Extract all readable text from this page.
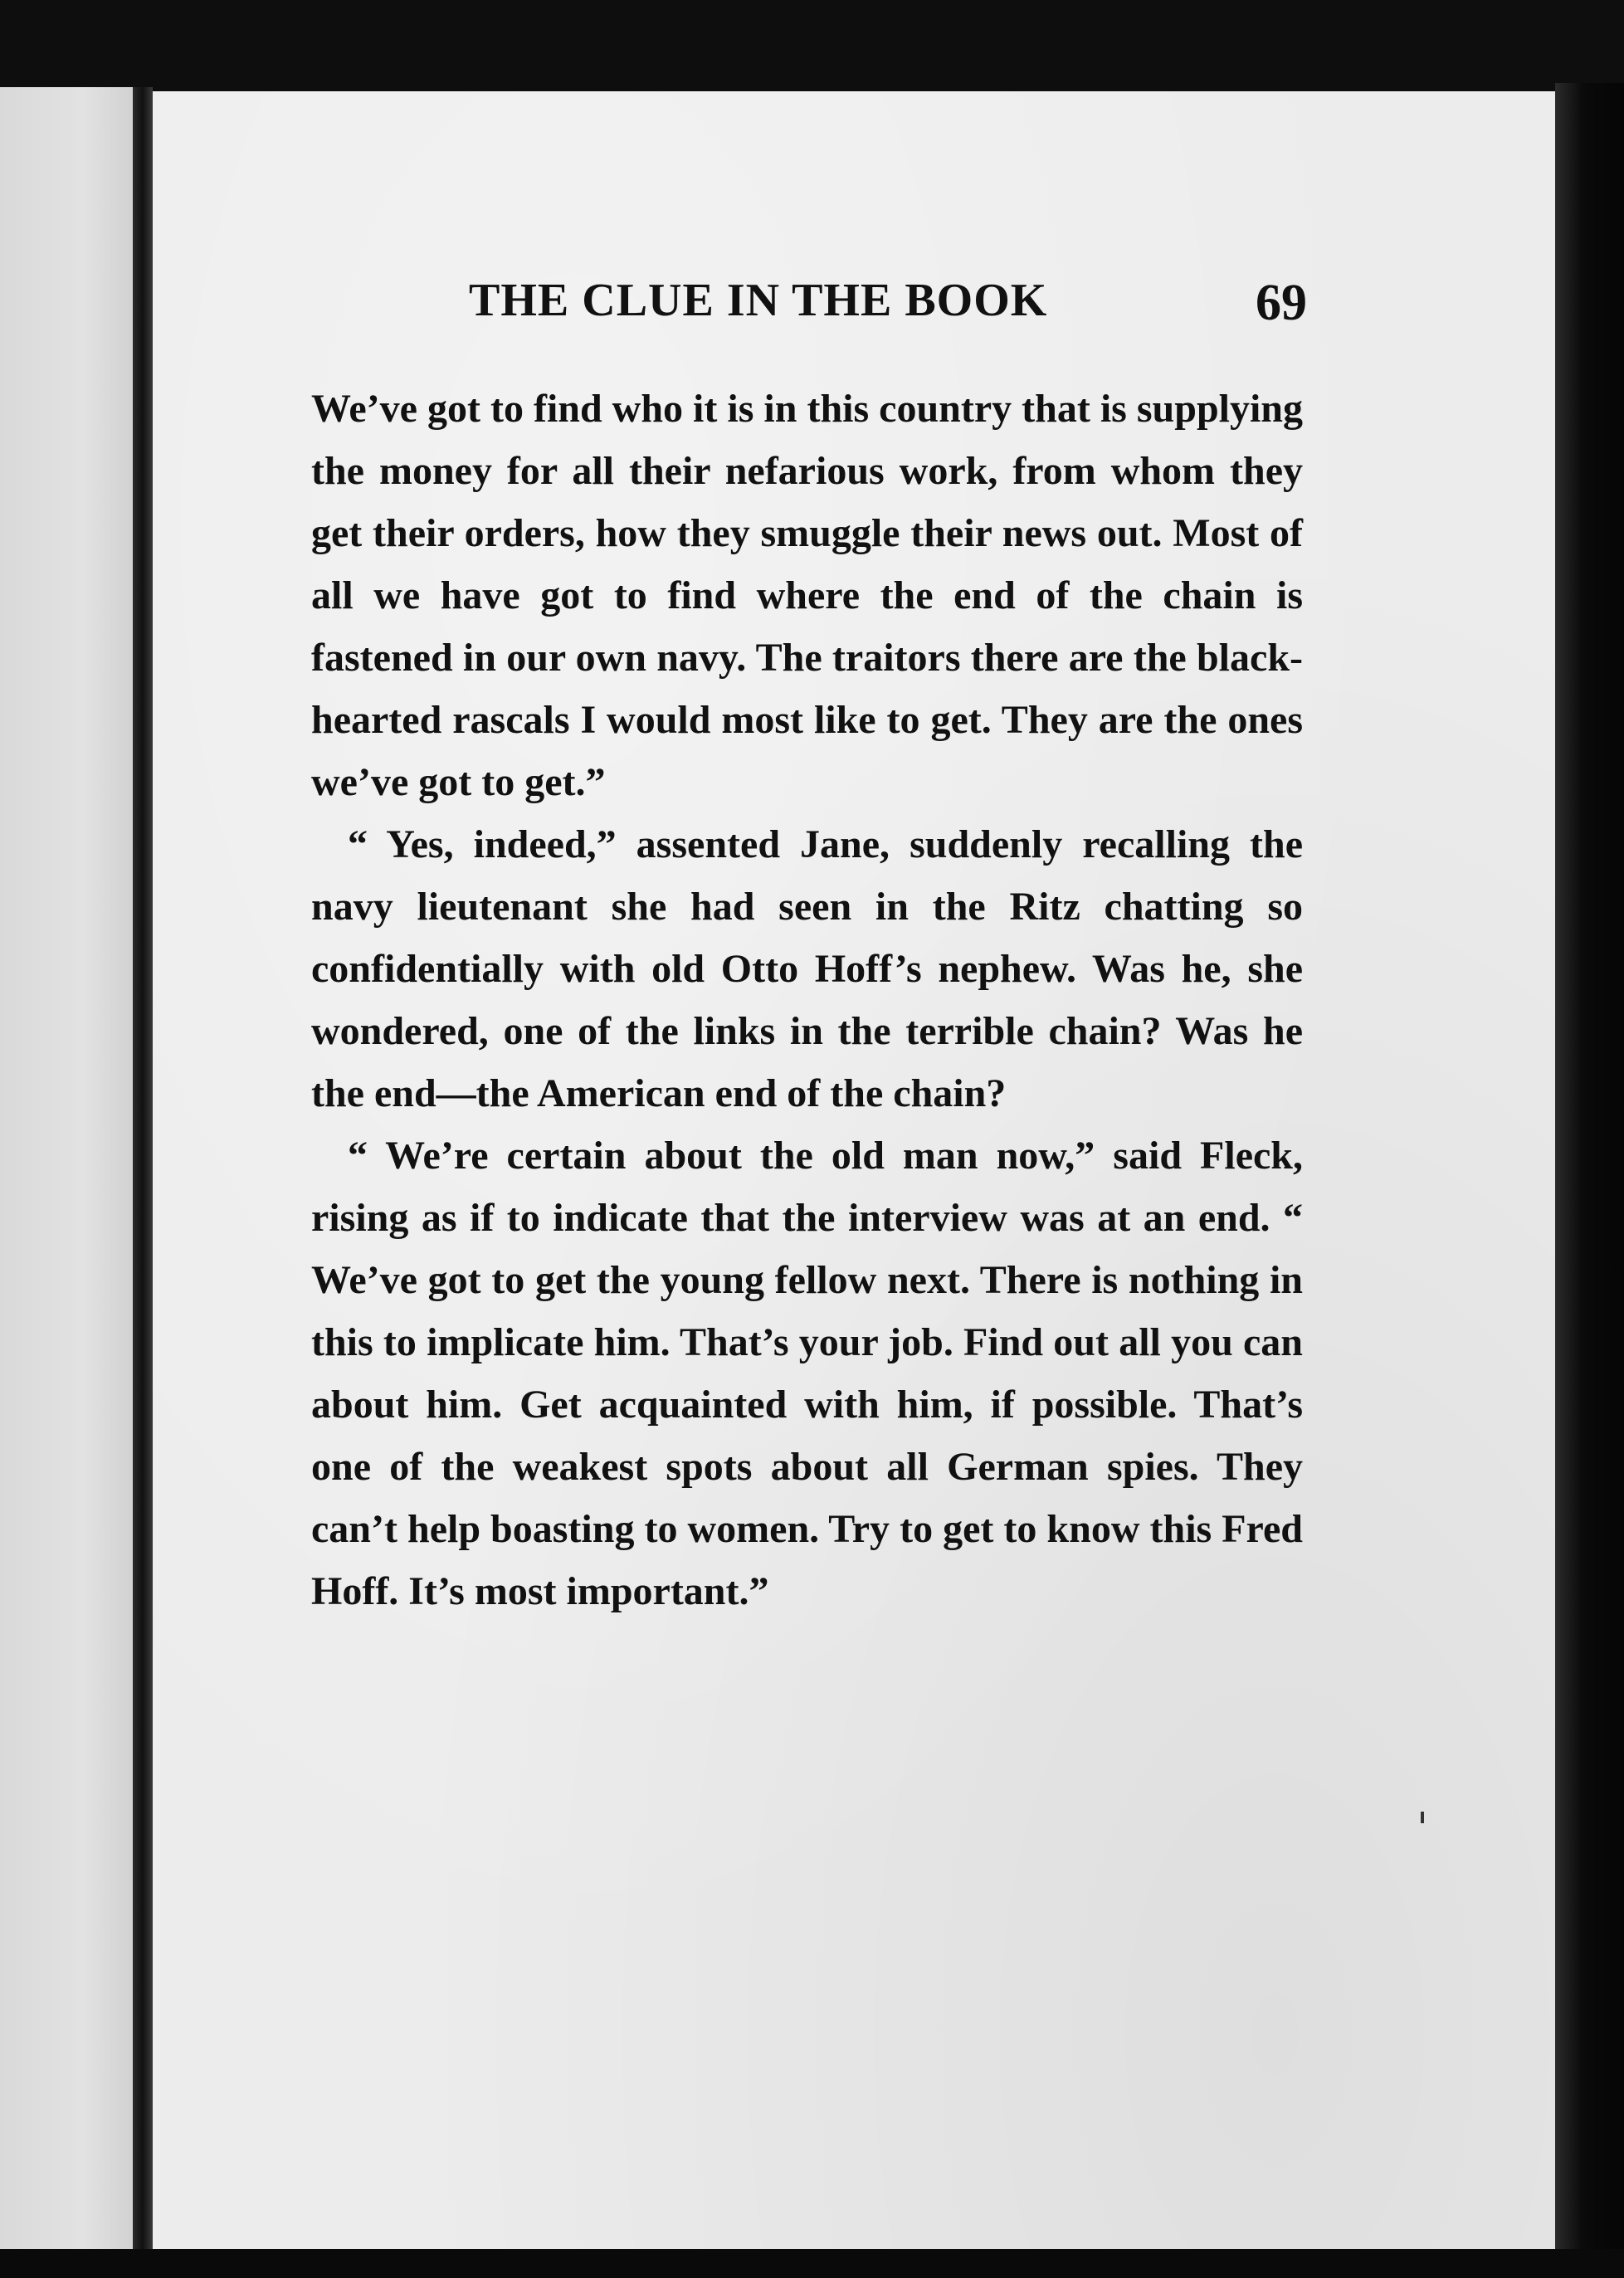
THE CLUE IN THE BOOK	69

We’ve got to find who it is in this country that is supplying the money for all their nefarious work, from whom they get their orders, how they smuggle their news out. Most of all we have got to find where the end of the chain is fastened in our own navy. The traitors there are the black-hearted rascals I would most like to get. They are the ones we’ve got to get.”

“ Yes, indeed,” assented Jane, suddenly recalling the navy lieutenant she had seen in the Ritz chatting so confidentially with old Otto Hoff’s nephew. Was he, she wondered, one of the links in the terrible chain? Was he the end—the American end of the chain?

“ We’re certain about the old man now,” said Fleck, rising as if to indicate that the interview was at an end. “ We’ve got to get the young fellow next. There is nothing in this to implicate him. That’s your job. Find out all you can about him. Get acquainted with him, if possible. That’s one of the weakest spots about all German spies. They can’t help boasting to women. Try to get to know this Fred Hoff. It’s most important.”
